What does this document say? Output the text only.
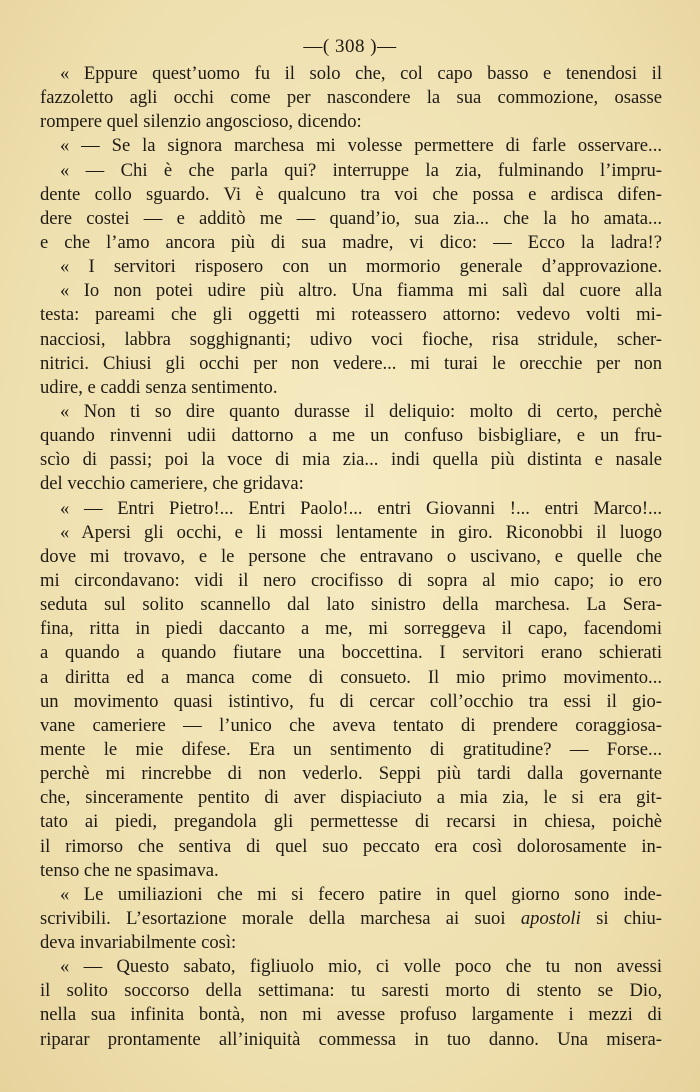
—( 308 )—
« Eppure quest’uomo fu il solo che, col capo basso e tenendosi il
fazzoletto agli occhi come per nascondere la sua commozione, osasse
rompere quel silenzio angoscioso, dicendo:
« — Se la signora marchesa mi volesse permettere di farle osservare...
« — Chi è che parla qui? interruppe la zia, fulminando l’impru-
dente collo sguardo. Vi è qualcuno tra voi che possa e ardisca difen-
dere costei — e additò me — quand’io, sua zia... che la ho amata...
e che l’amo ancora più di sua madre, vi dico: — Ecco la ladra!?
« I servitori risposero con un mormorio generale d’approvazione.
« Io non potei udire più altro. Una fiamma mi salì dal cuore alla
testa: pareami che gli oggetti mi roteassero attorno: vedevo volti mi-
nacciosi, labbra sogghignanti; udivo voci fioche, risa stridule, scher-
nitrici. Chiusi gli occhi per non vedere... mi turai le orecchie per non
udire, e caddi senza sentimento.
« Non ti so dire quanto durasse il deliquio: molto di certo, perchè
quando rinvenni udii dattorno a me un confuso bisbigliare, e un fru-
scìo di passi; poi la voce di mia zia... indi quella più distinta e nasale
del vecchio cameriere, che gridava:
« — Entri Pietro!... Entri Paolo!... entri Giovanni !... entri Marco!...
« Apersi gli occhi, e li mossi lentamente in giro. Riconobbi il luogo
dove mi trovavo, e le persone che entravano o uscivano, e quelle che
mi circondavano: vidi il nero crocifisso di sopra al mio capo; io ero
seduta sul solito scannello dal lato sinistro della marchesa. La Sera-
fina, ritta in piedi daccanto a me, mi sorreggeva il capo, facendomi
a quando a quando fiutare una boccettina. I servitori erano schierati
a diritta ed a manca come di consueto. Il mio primo movimento...
un movimento quasi istintivo, fu di cercar coll’occhio tra essi il gio-
vane cameriere — l’unico che aveva tentato di prendere coraggiosa-
mente le mie difese. Era un sentimento di gratitudine? — Forse...
perchè mi rincrebbe di non vederlo. Seppi più tardi dalla governante
che, sinceramente pentito di aver dispiaciuto a mia zia, le si era git-
tato ai piedi, pregandola gli permettesse di recarsi in chiesa, poichè
il rimorso che sentiva di quel suo peccato era così dolorosamente in-
tenso che ne spasimava.
« Le umiliazioni che mi si fecero patire in quel giorno sono inde-
scrivibili. L’esortazione morale della marchesa ai suoi apostoli si chiu-
deva invariabilmente così:
« — Questo sabato, figliuolo mio, ci volle poco che tu non avessi
il solito soccorso della settimana: tu saresti morto di stento se Dio,
nella sua infinita bontà, non mi avesse profuso largamente i mezzi di
riparar prontamente all’iniquità commessa in tuo danno. Una misera-
